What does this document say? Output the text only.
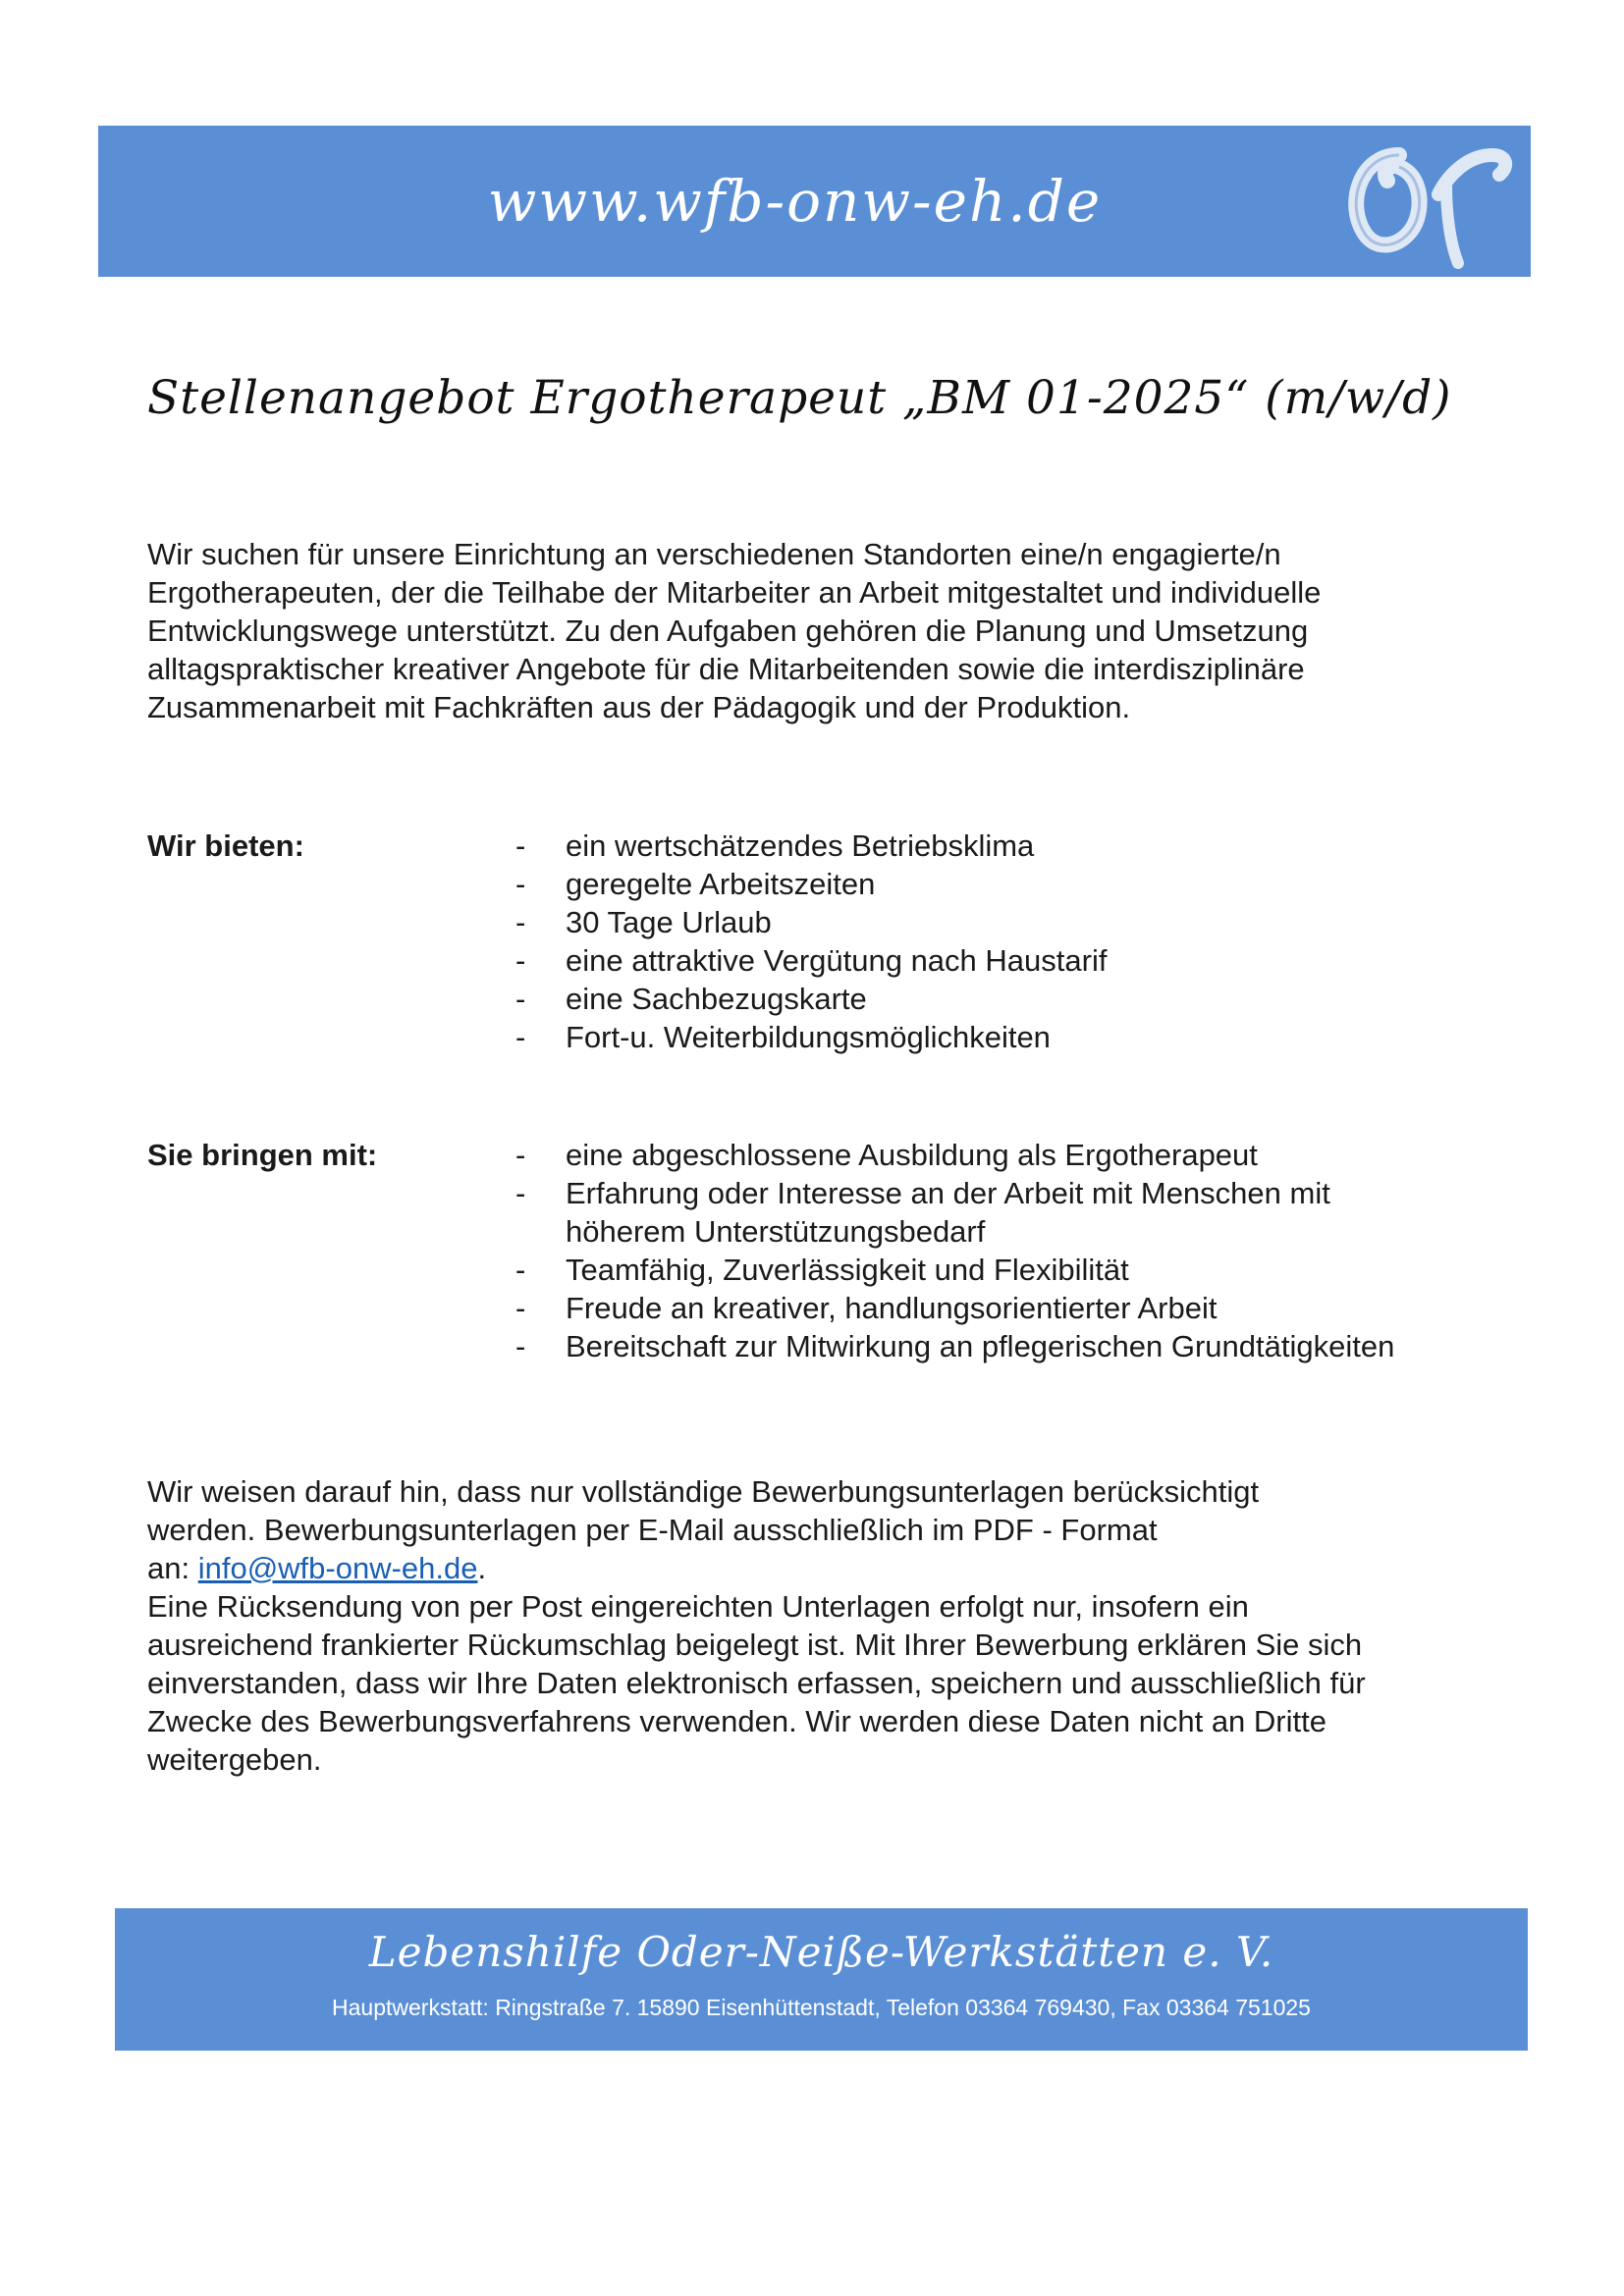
www.wfb-onw-eh.de
Stellenangebot Ergotherapeut „BM 01-2025“ (m/w/d)
Wir suchen für unsere Einrichtung an verschiedenen Standorten eine/n engagierte/n
Ergotherapeuten, der die Teilhabe der Mitarbeiter an Arbeit mitgestaltet und individuelle
Entwicklungswege unterstützt. Zu den Aufgaben gehören die Planung und Umsetzung
alltagspraktischer kreativer Angebote für die Mitarbeitenden sowie die interdisziplinäre
Zusammenarbeit mit Fachkräften aus der Pädagogik und der Produktion.
Wir bieten:	- ein wertschätzendes Betriebsklima
- geregelte Arbeitszeiten
- 30 Tage Urlaub
- eine attraktive Vergütung nach Haustarif
- eine Sachbezugskarte
- Fort-u. Weiterbildungsmöglichkeiten
Sie bringen mit:	- eine abgeschlossene Ausbildung als Ergotherapeut
- Erfahrung oder Interesse an der Arbeit mit Menschen mit
höherem Unterstützungsbedarf
- Teamfähig, Zuverlässigkeit und Flexibilität
- Freude an kreativer, handlungsorientierter Arbeit
- Bereitschaft zur Mitwirkung an pflegerischen Grundtätigkeiten
Wir weisen darauf hin, dass nur vollständige Bewerbungsunterlagen berücksichtigt
werden. Bewerbungsunterlagen per E-Mail ausschließlich im PDF - Format
an: info@wfb-onw-eh.de.
Eine Rücksendung von per Post eingereichten Unterlagen erfolgt nur, insofern ein
ausreichend frankierter Rückumschlag beigelegt ist. Mit Ihrer Bewerbung erklären Sie sich
einverstanden, dass wir Ihre Daten elektronisch erfassen, speichern und ausschließlich für
Zwecke des Bewerbungsverfahrens verwenden. Wir werden diese Daten nicht an Dritte
weitergeben.
Lebenshilfe Oder-Neiße-Werkstätten e. V.
Hauptwerkstatt: Ringstraße 7. 15890 Eisenhüttenstadt, Telefon 03364 769430, Fax 03364 751025
